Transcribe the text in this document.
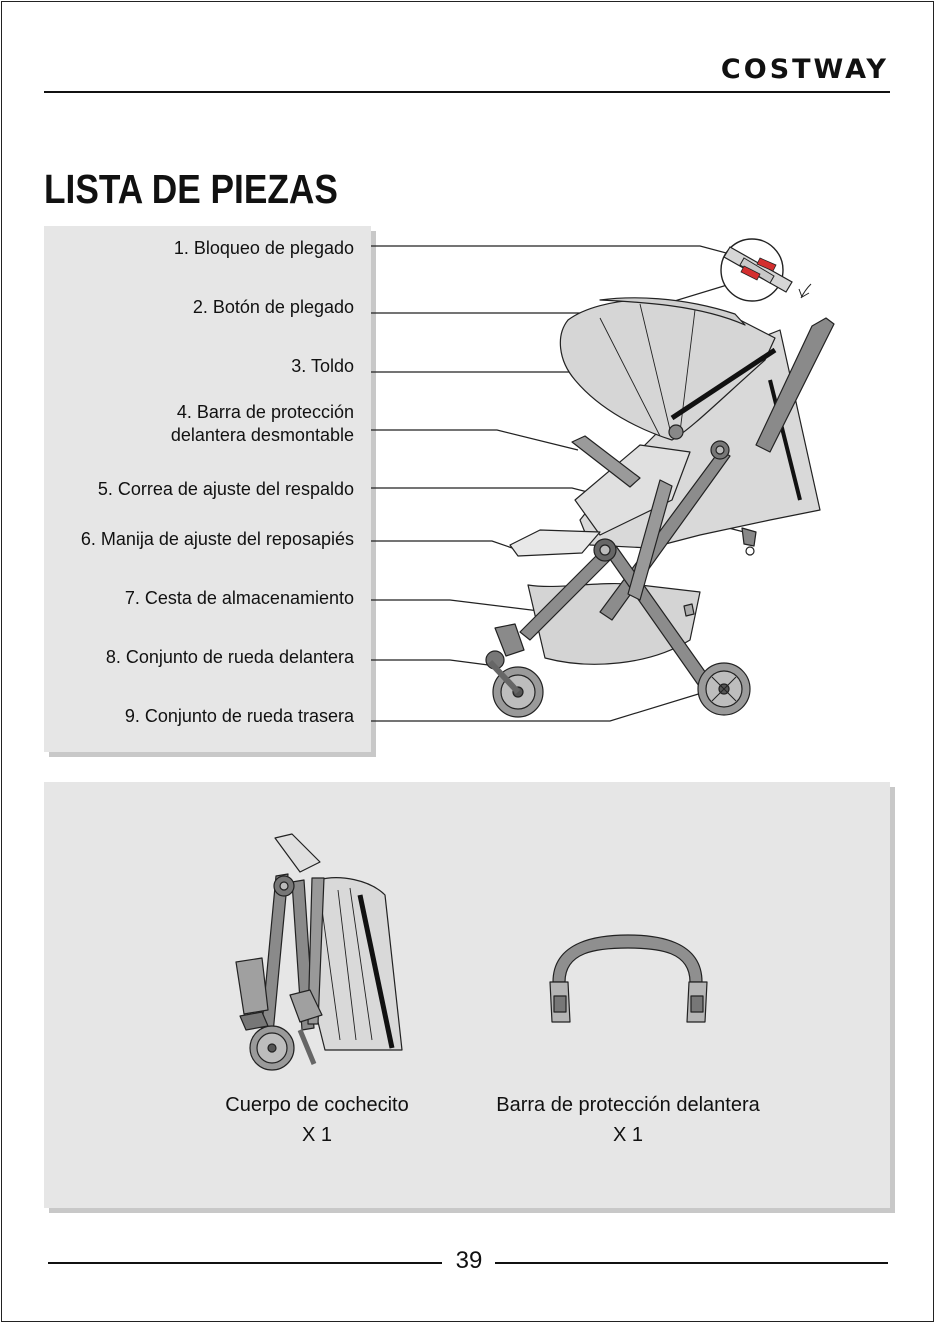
COSTWAY
LISTA DE PIEZAS
1. Bloqueo de plegado
2. Botón de plegado
3. Toldo
4. Barra de protección
delantera desmontable
5. Correa de ajuste del respaldo
6. Manija de ajuste del reposapiés
7. Cesta de almacenamiento
8. Conjunto de rueda delantera
9. Conjunto de rueda trasera
Cuerpo de cochecito
X 1
Barra de protección delantera
X 1
39
